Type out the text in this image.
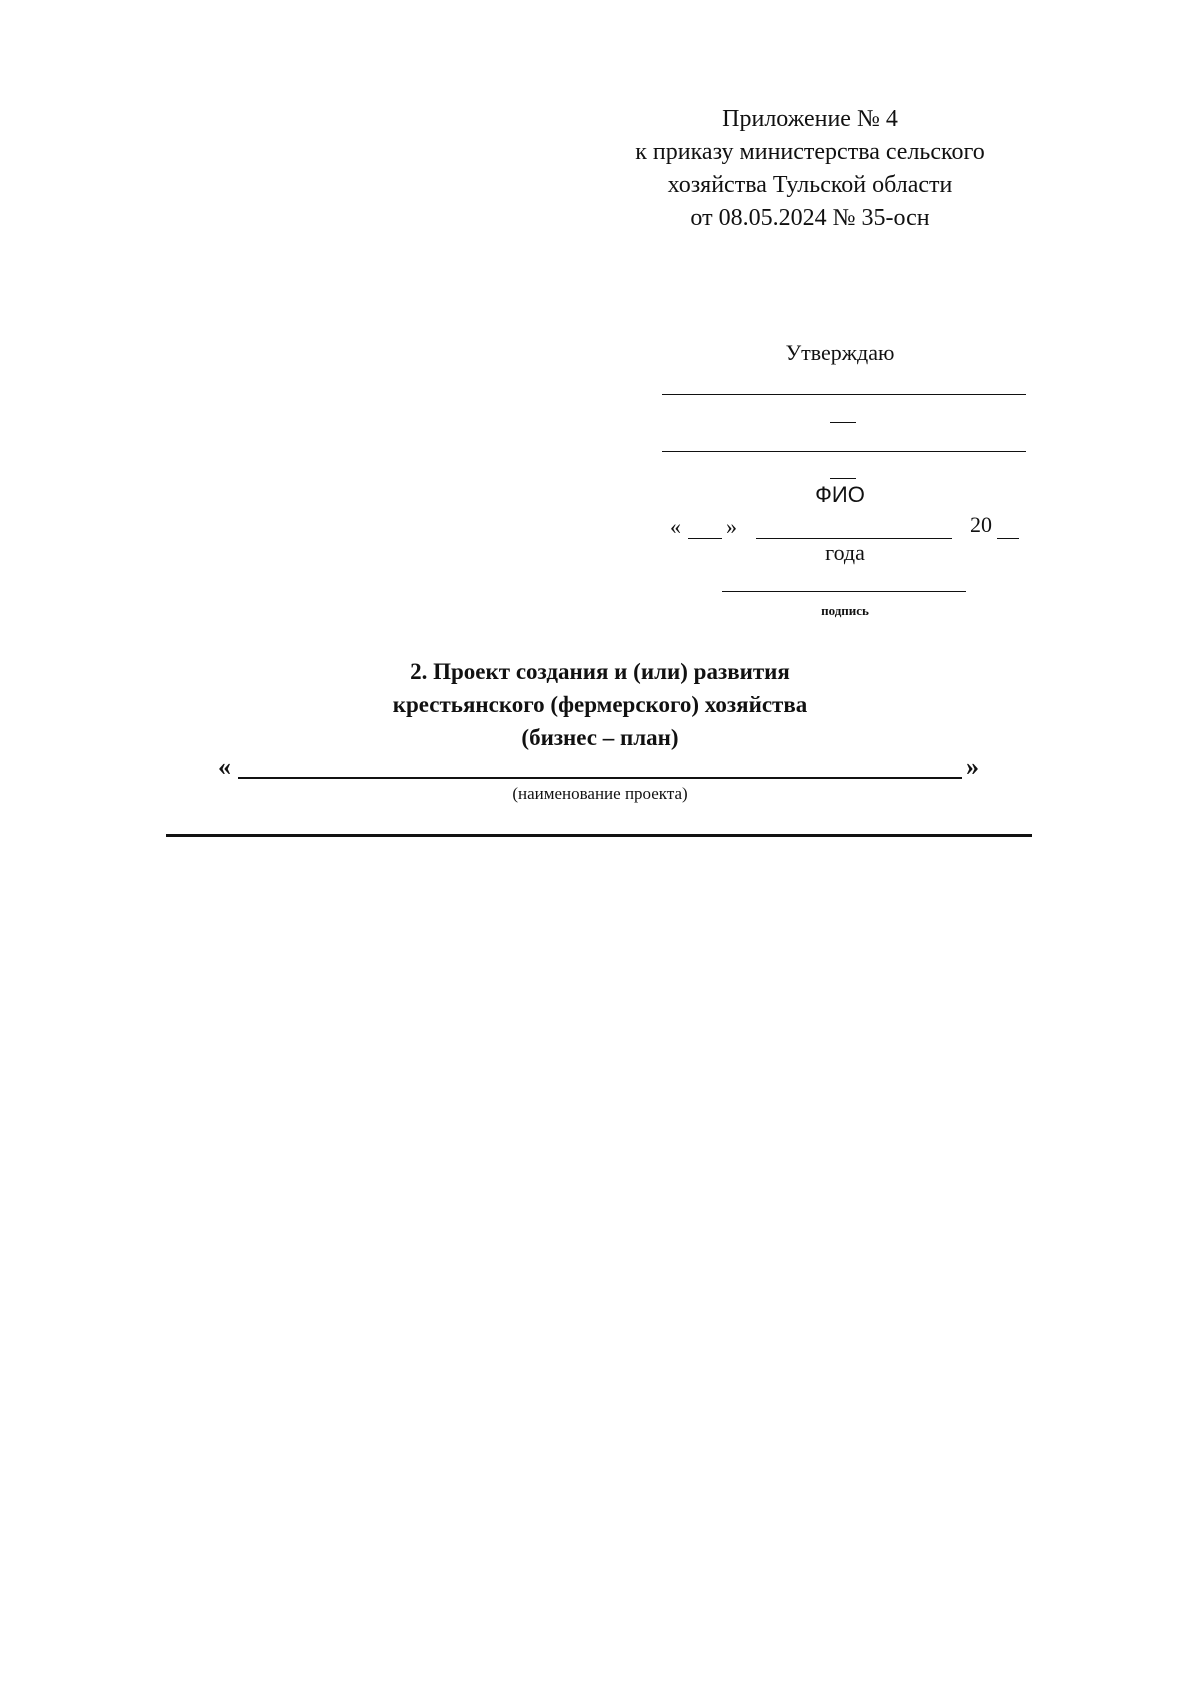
Приложение № 4
к приказу министерства сельского
хозяйства Тульской области
от 08.05.2024 № 35-осн
Утверждаю
ФИО
« »	20
года
подпись
2. Проект создания и (или) развития
крестьянского (фермерского) хозяйства
(бизнес – план)
«	»
(наименование проекта)
